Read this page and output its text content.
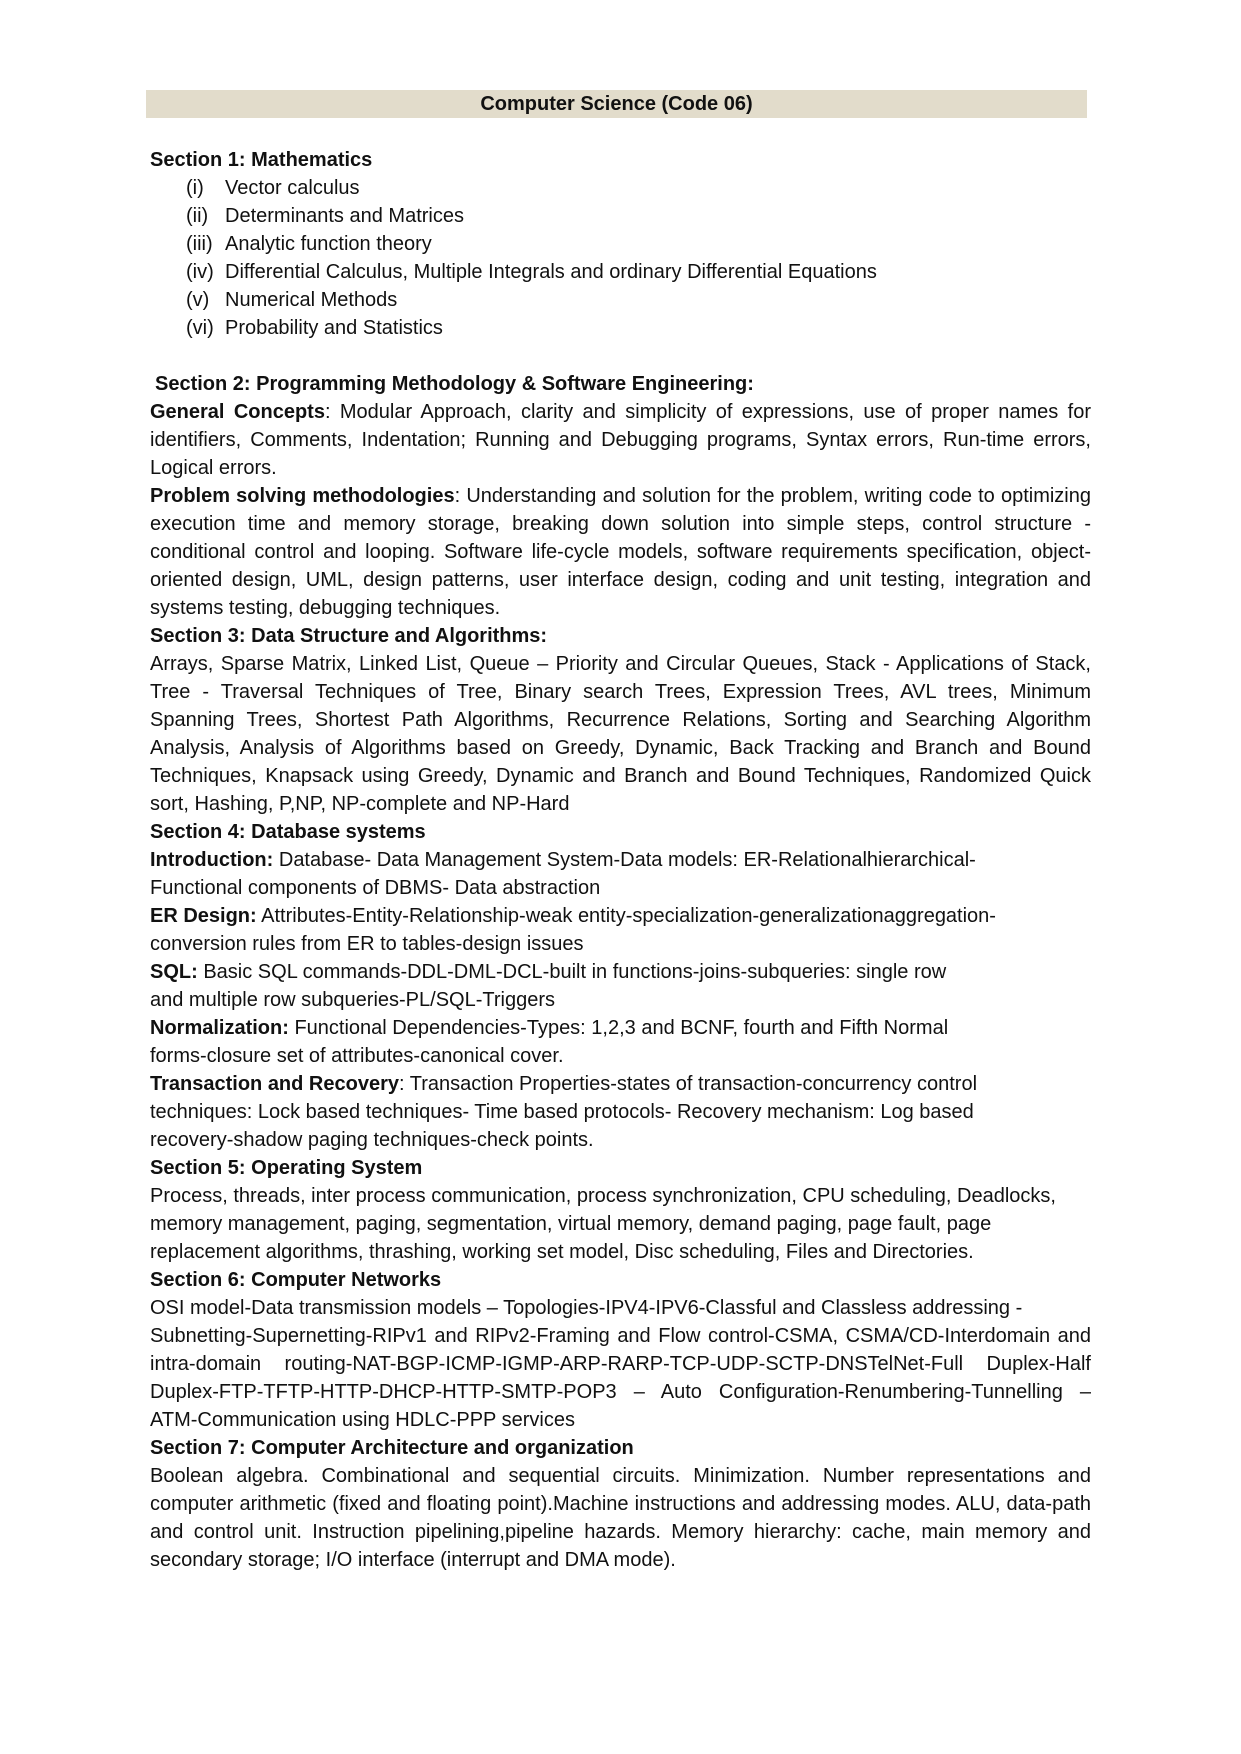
Computer Science (Code 06)

Section 1: Mathematics

(i)	Vector calculus
(ii) Determinants and Matrices
(iii) Analytic function theory
(iv) Differential Calculus, Multiple Integrals and ordinary Differential Equations
(v) Numerical Methods
(vi) Probability and Statistics

Section 2: Programming Methodology & Software Engineering:

General Concepts: Modular Approach, clarity and simplicity of expressions, use of proper names for identifiers, Comments, Indentation; Running and Debugging programs, Syntax errors, Run-time errors, Logical errors.

Problem solving methodologies: Understanding and solution for the problem, writing code to optimizing execution time and memory storage, breaking down solution into simple steps, control structure - conditional control and looping. Software life-cycle models, software requirements specification, object-oriented design, UML, design patterns, user interface design, coding and unit testing, integration and systems testing, debugging techniques.

Section 3: Data Structure and Algorithms:

Arrays, Sparse Matrix, Linked List, Queue – Priority and Circular Queues, Stack - Applications of Stack, Tree - Traversal Techniques of Tree, Binary search Trees, Expression Trees, AVL trees, Minimum Spanning Trees, Shortest Path Algorithms, Recurrence Relations, Sorting and Searching Algorithm Analysis, Analysis of Algorithms based on Greedy, Dynamic, Back Tracking and Branch and Bound Techniques, Knapsack using Greedy, Dynamic and Branch and Bound Techniques, Randomized Quick sort, Hashing, P,NP, NP-complete and NP-Hard

Section 4: Database systems

Introduction: Database- Data Management System-Data models: ER-Relationalhierarchical-
Functional components of DBMS- Data abstraction

ER Design: Attributes-Entity-Relationship-weak entity-specialization-generalizationaggregation-
conversion rules from ER to tables-design issues

SQL: Basic SQL commands-DDL-DML-DCL-built in functions-joins-subqueries: single row
and multiple row subqueries-PL/SQL-Triggers

Normalization: Functional Dependencies-Types: 1,2,3 and BCNF, fourth and Fifth Normal
forms-closure set of attributes-canonical cover.

Transaction and Recovery: Transaction Properties-states of transaction-concurrency control
techniques: Lock based techniques- Time based protocols- Recovery mechanism: Log based
recovery-shadow paging techniques-check points.

Section 5: Operating System

Process, threads, inter process communication, process synchronization, CPU scheduling, Deadlocks,
memory management, paging, segmentation, virtual memory, demand paging, page fault, page
replacement algorithms, thrashing, working set model, Disc scheduling, Files and Directories.

Section 6: Computer Networks

OSI model-Data transmission models – Topologies-IPV4-IPV6-Classful and Classless addressing -

Subnetting-Supernetting-RIPv1 and RIPv2-Framing and Flow control-CSMA, CSMA/CD-Interdomain and intra-domain routing-NAT-BGP-ICMP-IGMP-ARP-RARP-TCP-UDP-SCTP-DNSTelNet-Full Duplex-Half Duplex-FTP-TFTP-HTTP-DHCP-HTTP-SMTP-POP3 – Auto Configuration-Renumbering-Tunnelling – ATM-Communication using HDLC-PPP services

Section 7: Computer Architecture and organization

Boolean algebra. Combinational and sequential circuits. Minimization. Number representations and computer arithmetic (fixed and floating point).Machine instructions and addressing modes. ALU, data-path and control unit. Instruction pipelining,pipeline hazards. Memory hierarchy: cache, main memory and secondary storage; I/O interface (interrupt and DMA mode).
